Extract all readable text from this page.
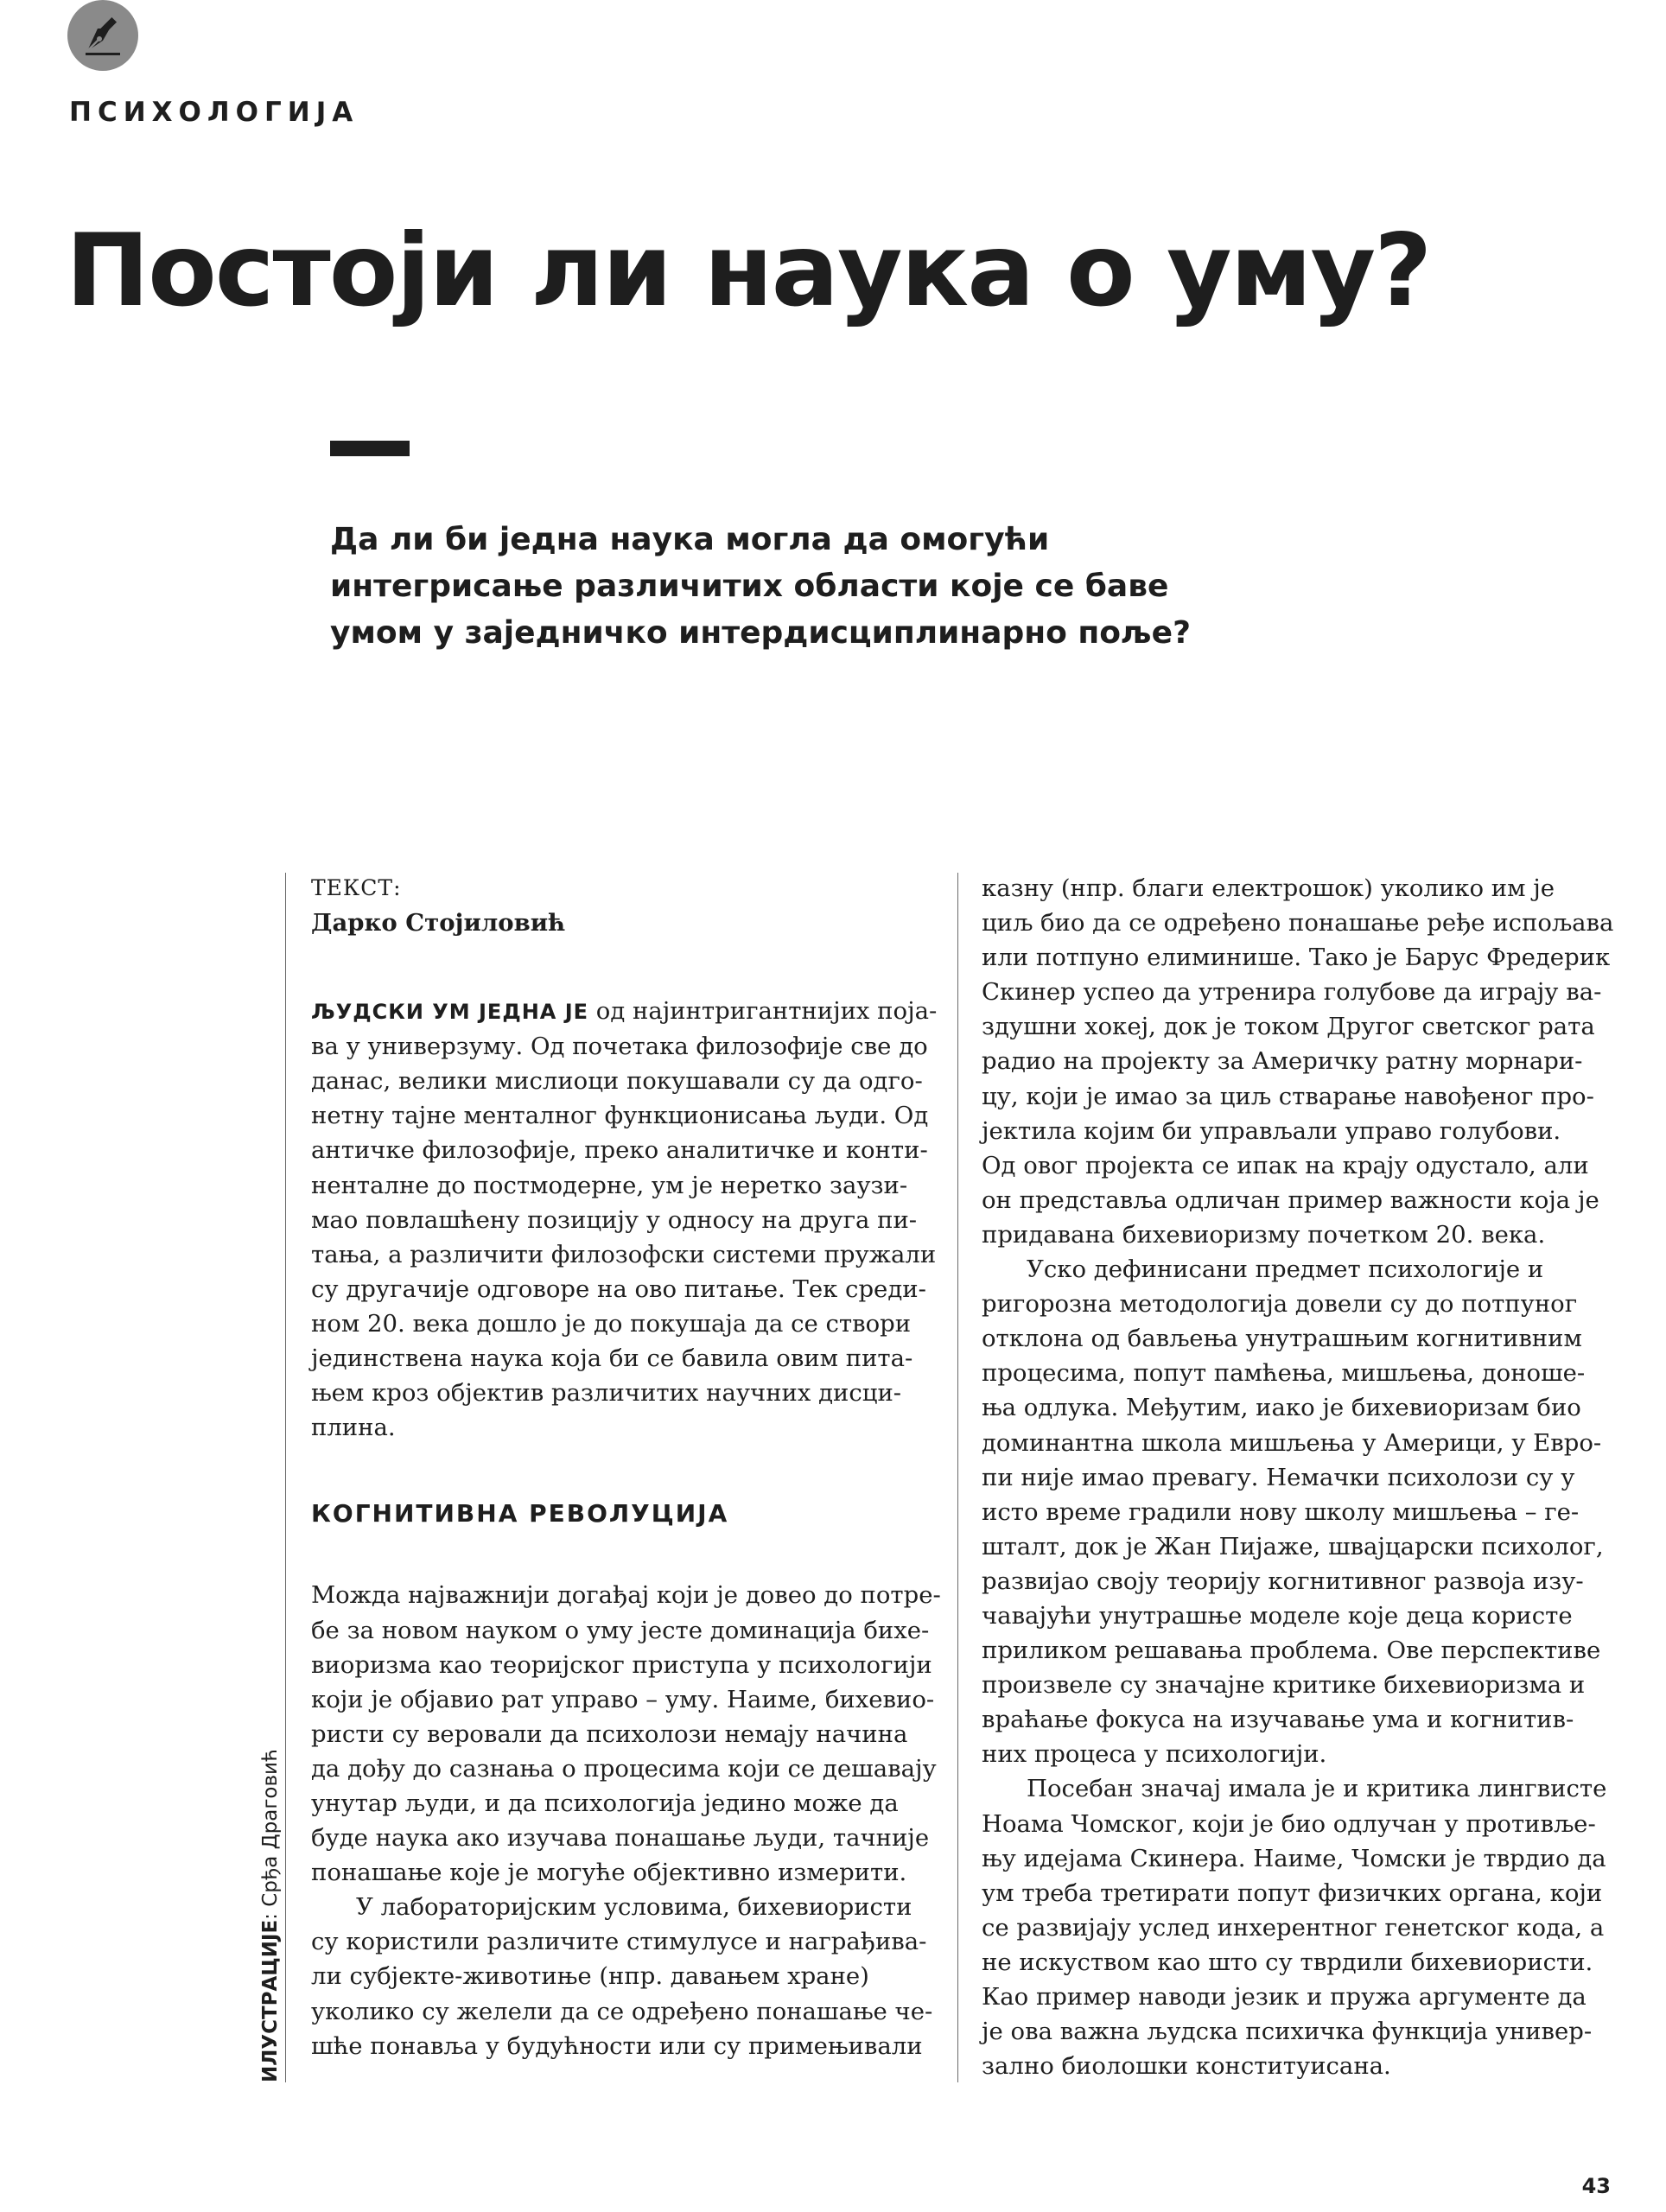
ПСИХОЛОГИЈА
Постоји ли наука о уму?
Да ли би једна наука могла да омогући
интегрисање различитих области које се баве
умом у заједничко интердисциплинарно поље?
ИЛУСТРАЦИЈЕ: Срђа Драговић
ТЕКСТ:
Дарко Стојиловић
ЉУДСКИ УМ ЈЕДНА ЈЕ од најинтригантнијих поја-
ва у универзуму. Од почетака филозофије све до
данас, велики мислиоци покушавали су да одго-
нетну тајне менталног функционисања људи. Од
античке филозофије, преко аналитичке и конти-
ненталне до постмодерне, ум је неретко заузи-
мао повлашћену позицију у односу на друга пи-
тања, а различити филозофски системи пружали
су другачије одговоре на ово питање. Тек среди-
ном 20. века дошло је до покушаја да се створи
јединствена наука која би се бавила овим питa-
њем кроз објектив различитих научних дисци-
плина.
КОГНИТИВНА РЕВОЛУЦИЈА
Можда најважнији догађај који је довео до потре-
бе за новом науком о уму јесте доминација бихе-
виоризма као теоријског приступа у психологији
који је објавио рат управо – уму. Наиме, бихевио-
ристи су веровали да психолози немају начина
да дођу до сазнања о процесима који се дешавају
унутар људи, и да психологија једино може да
буде наука ако изучава понашање људи, тачније
понашање које је могуће објективно измерити.
У лабораторијским условима, бихевиористи
су користили различите стимулусе и награђива-
ли субјекте-животиње (нпр. давањем хране)
уколико су желели да се одређено понашање че-
шће понавља у будућности или су примењивали
казну (нпр. благи електрошок) уколико им је
циљ био да се одређено понашање ређе испољава
или потпуно елиминише. Тако је Барус Фредерик
Скинер успео да утренира голубове да играју ва-
здушни хокеј, док је током Другог светског рата
радио на пројекту за Америчку ратну морнари-
цу, који је имао за циљ стварање навођеног про-
јектила којим би управљали управо голубови.
Од овог пројекта се ипак на крају одустало, али
он представља одличан пример важности која је
придавана бихевиоризму почетком 20. века.
Уско дефинисани предмет психологије и
ригорозна методологија довели су до потпуног
отклона од бављења унутрашњим когнитивним
процесима, попут памћења, мишљења, доноше-
ња одлука. Међутим, иако је бихевиоризам био
доминантна школа мишљења у Америци, у Евро-
пи није имао превагу. Немачки психолози су у
исто време градили нову школу мишљења – ге-
шталт, док је Жан Пијаже, швајцарски психолог,
развијао своју теорију когнитивног развоја изу-
чавајући унутрашње моделе које деца користе
приликом решавања проблема. Ове перспективе
произвеле су значајне критике бихевиоризма и
враћање фокуса на изучавање ума и когнитив-
них процеса у психологији.
Посебан значај имала је и критика лингвисте
Ноама Чомског, који је био одлучан у противље-
њу идејама Скинера. Наиме, Чомски је тврдио да
ум треба третирати попут физичких органа, који
се развијају услед инхерентног генетског кода, а
не искуством као што су тврдили бихевиористи.
Као пример наводи језик и пружа аргументе да
је ова важна људска психичка функција универ-
зално биолошки конституисана.
43
